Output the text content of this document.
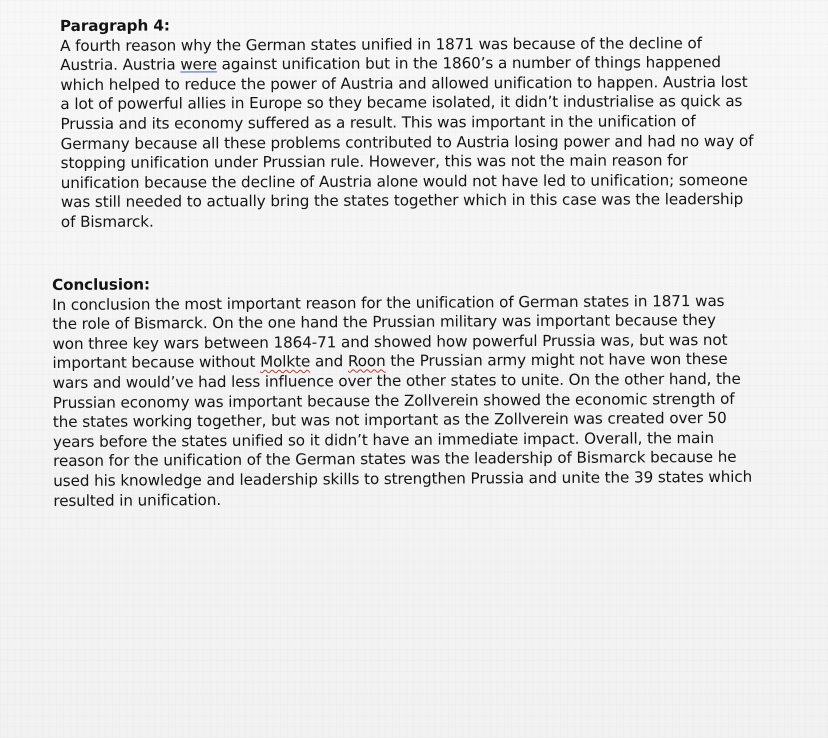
Paragraph 4:
A fourth reason why the German states unified in 1871 was because of the decline of
Austria. Austria were against unification but in the 1860’s a number of things happened
which helped to reduce the power of Austria and allowed unification to happen. Austria lost
a lot of powerful allies in Europe so they became isolated, it didn’t industrialise as quick as
Prussia and its economy suffered as a result. This was important in the unification of
Germany because all these problems contributed to Austria losing power and had no way of
stopping unification under Prussian rule. However, this was not the main reason for
unification because the decline of Austria alone would not have led to unification; someone
was still needed to actually bring the states together which in this case was the leadership
of Bismarck.
Conclusion:
In conclusion the most important reason for the unification of German states in 1871 was
the role of Bismarck. On the one hand the Prussian military was important because they
won three key wars between 1864-71 and showed how powerful Prussia was, but was not
important because without Molkte and Roon the Prussian army might not have won these
wars and would’ve had less influence over the other states to unite. On the other hand, the
Prussian economy was important because the Zollverein showed the economic strength of
the states working together, but was not important as the Zollverein was created over 50
years before the states unified so it didn’t have an immediate impact. Overall, the main
reason for the unification of the German states was the leadership of Bismarck because he
used his knowledge and leadership skills to strengthen Prussia and unite the 39 states which
resulted in unification.
